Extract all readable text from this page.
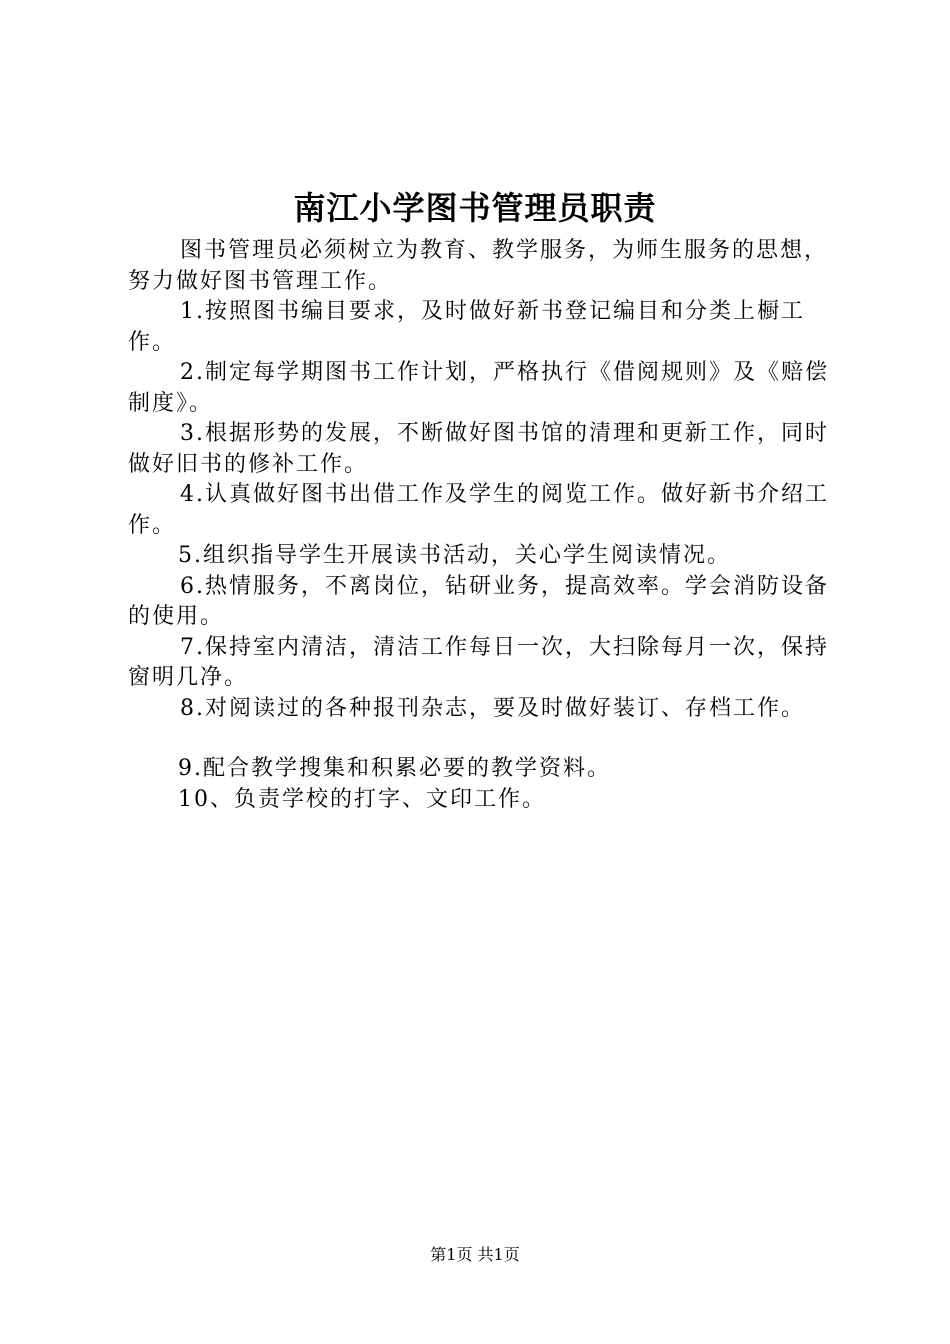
南江小学图书管理员职责

图书管理员必须树立为教育、教学服务，为师生服务的思想，努力做好图书管理工作。

1.按照图书编目要求，及时做好新书登记编目和分类上橱工作。

2.制定每学期图书工作计划，严格执行《借阅规则》及《赔偿制度》。

3.根据形势的发展，不断做好图书馆的清理和更新工作，同时做好旧书的修补工作。

4.认真做好图书出借工作及学生的阅览工作。做好新书介绍工作。

5.组织指导学生开展读书活动，关心学生阅读情况。

6.热情服务，不离岗位，钻研业务，提高效率。学会消防设备的使用。

7.保持室内清洁，清洁工作每日一次，大扫除每月一次，保持窗明几净。

8.对阅读过的各种报刊杂志，要及时做好装订、存档工作。

9.配合教学搜集和积累必要的教学资料。

10、负责学校的打字、文印工作。

第1页 共1页
